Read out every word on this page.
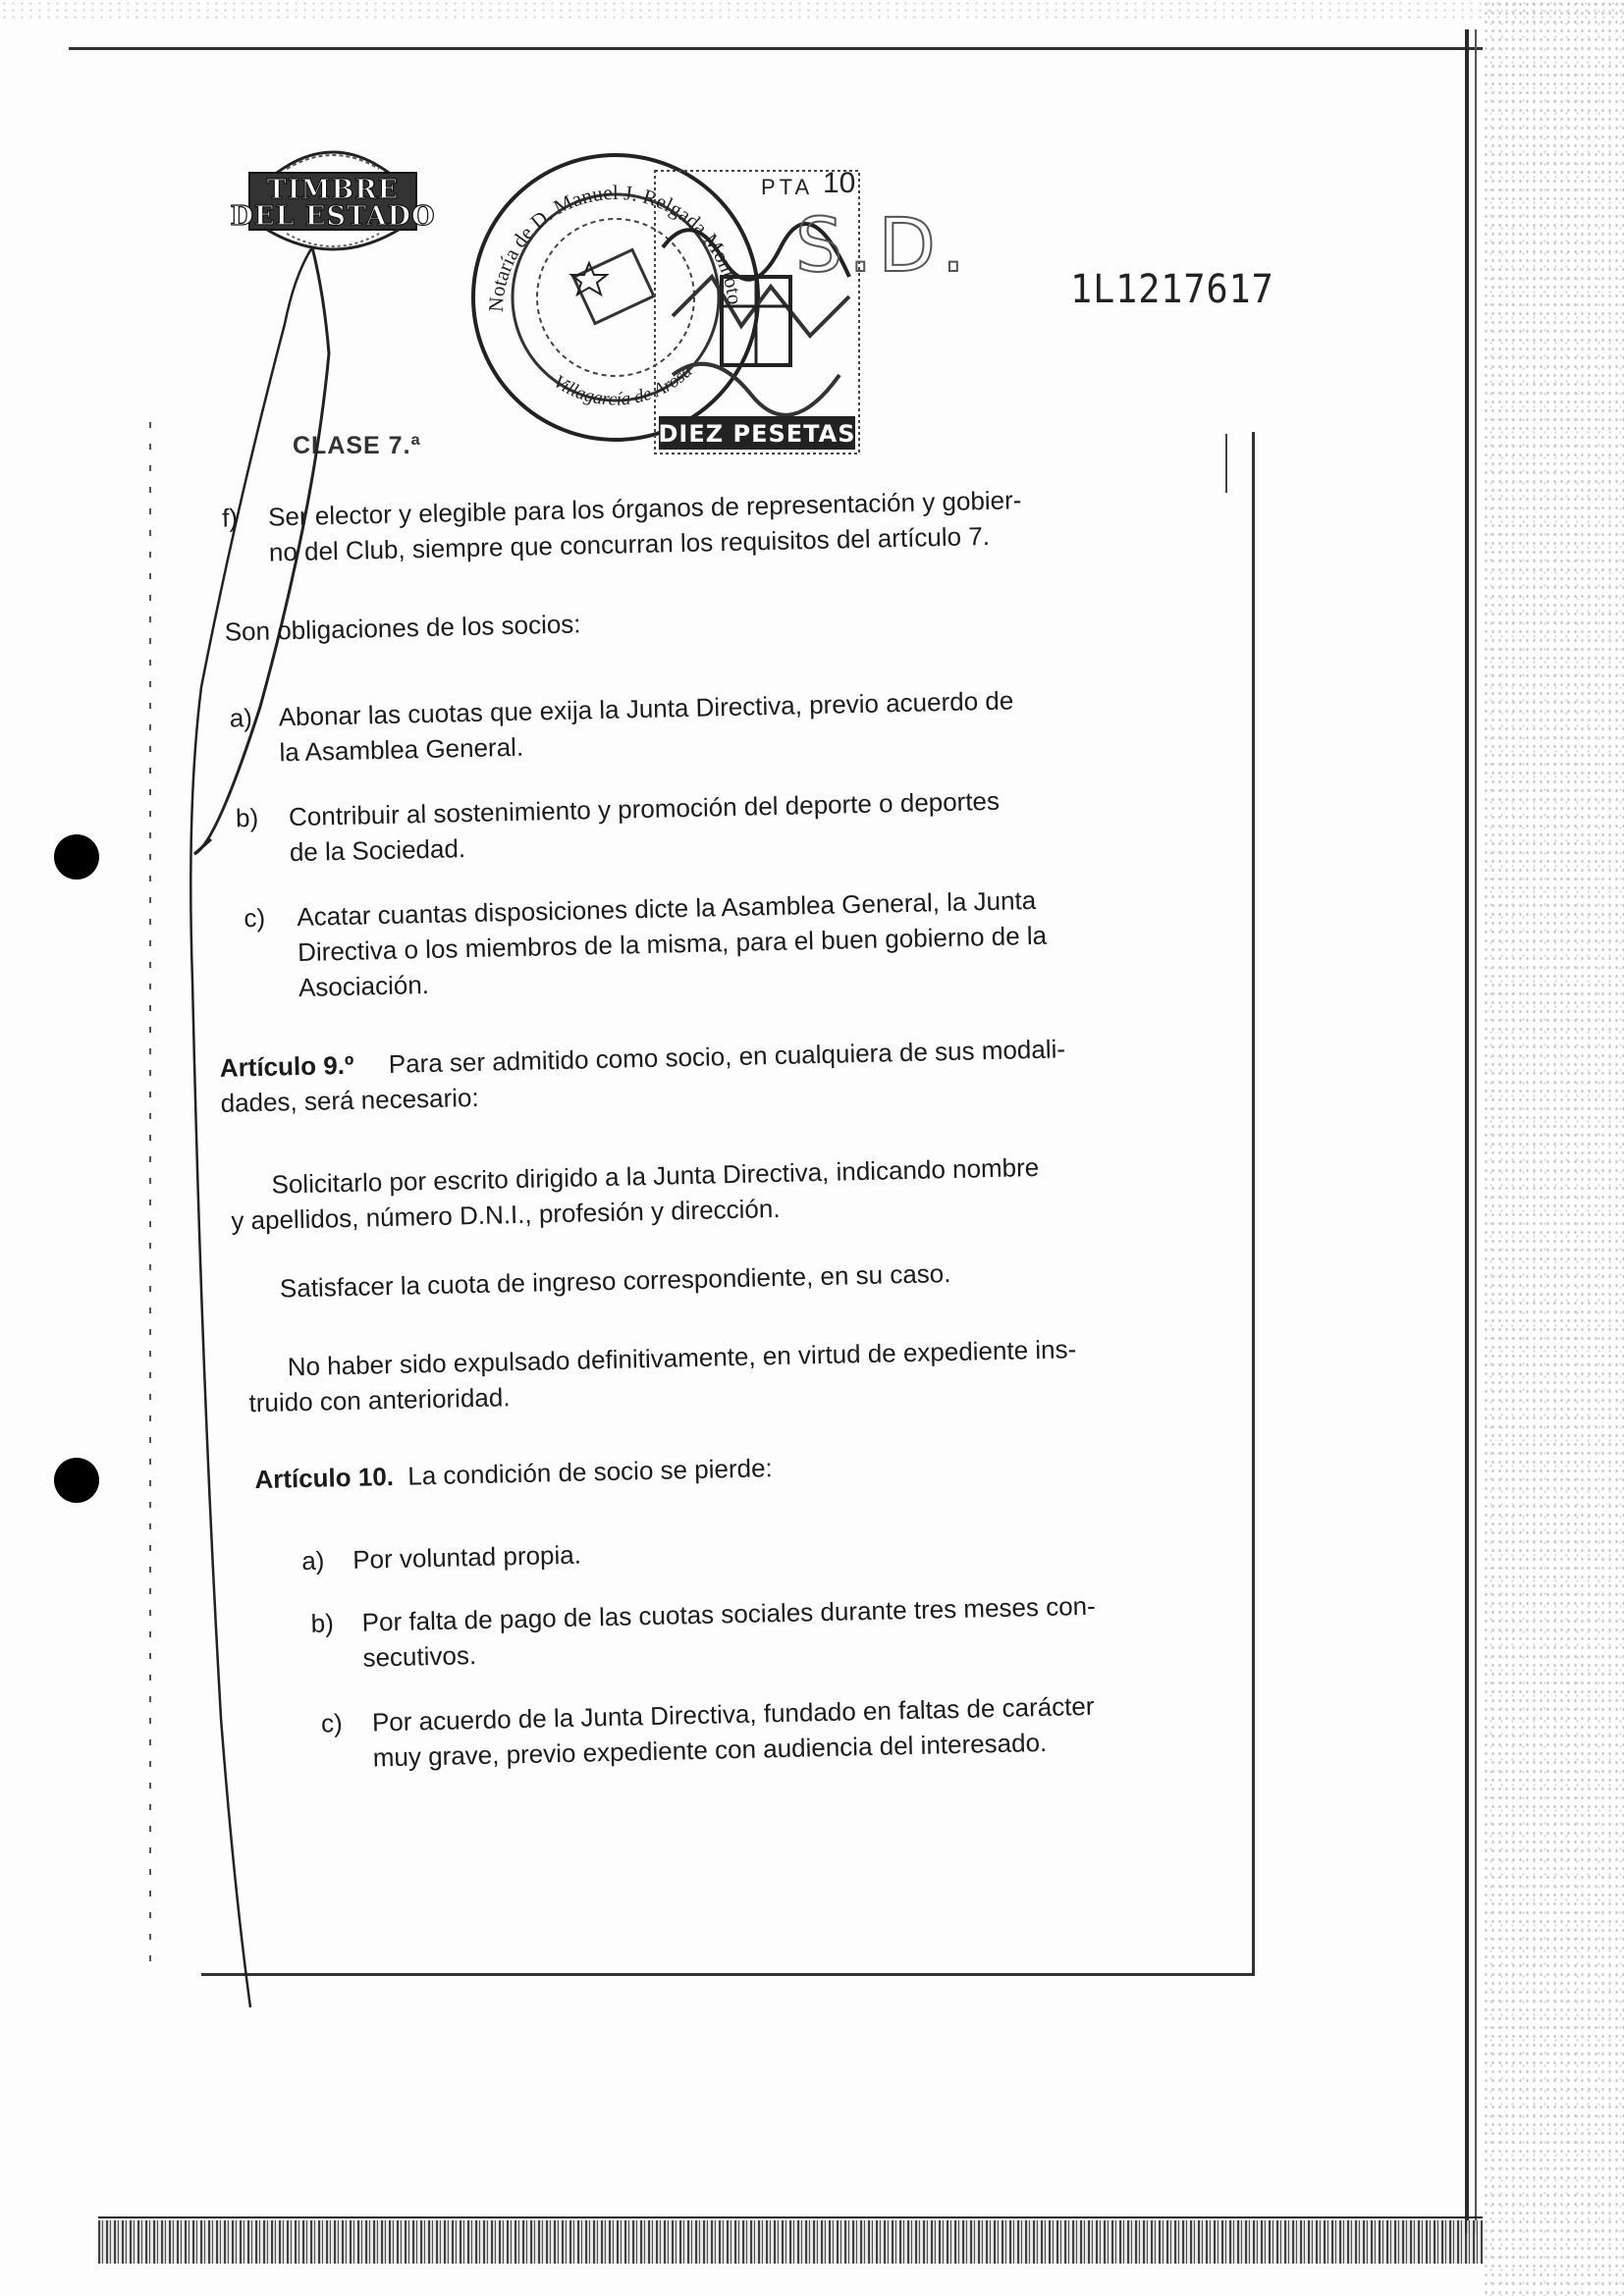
TIMBRE
DEL ESTADO
Notaría de D. Manuel J. Relgada Montoto
Villagarcía de Arosa
DIEZ PESETAS
PTA 10
S.D.
1L1217617
CLASE 7.ª
f) Ser elector y elegible para los órganos de representación y gobier-
no del Club, siempre que concurran los requisitos del artículo 7.
Son obligaciones de los socios:
a) Abonar las cuotas que exija la Junta Directiva, previo acuerdo de
la Asamblea General.
b) Contribuir al sostenimiento y promoción del deporte o deportes
de la Sociedad.
c) Acatar cuantas disposiciones dicte la Asamblea General, la Junta
Directiva o los miembros de la misma, para el buen gobierno de la
Asociación.
Artículo 9.º Para ser admitido como socio, en cualquiera de sus modali-
dades, será necesario:
Solicitarlo por escrito dirigido a la Junta Directiva, indicando nombre
y apellidos, número D.N.I., profesión y dirección.
Satisfacer la cuota de ingreso correspondiente, en su caso.
No haber sido expulsado definitivamente, en virtud de expediente ins-
truido con anterioridad.
Artículo 10. La condición de socio se pierde:
a) Por voluntad propia.
b) Por falta de pago de las cuotas sociales durante tres meses con-
secutivos.
c) Por acuerdo de la Junta Directiva, fundado en faltas de carácter
muy grave, previo expediente con audiencia del interesado.
